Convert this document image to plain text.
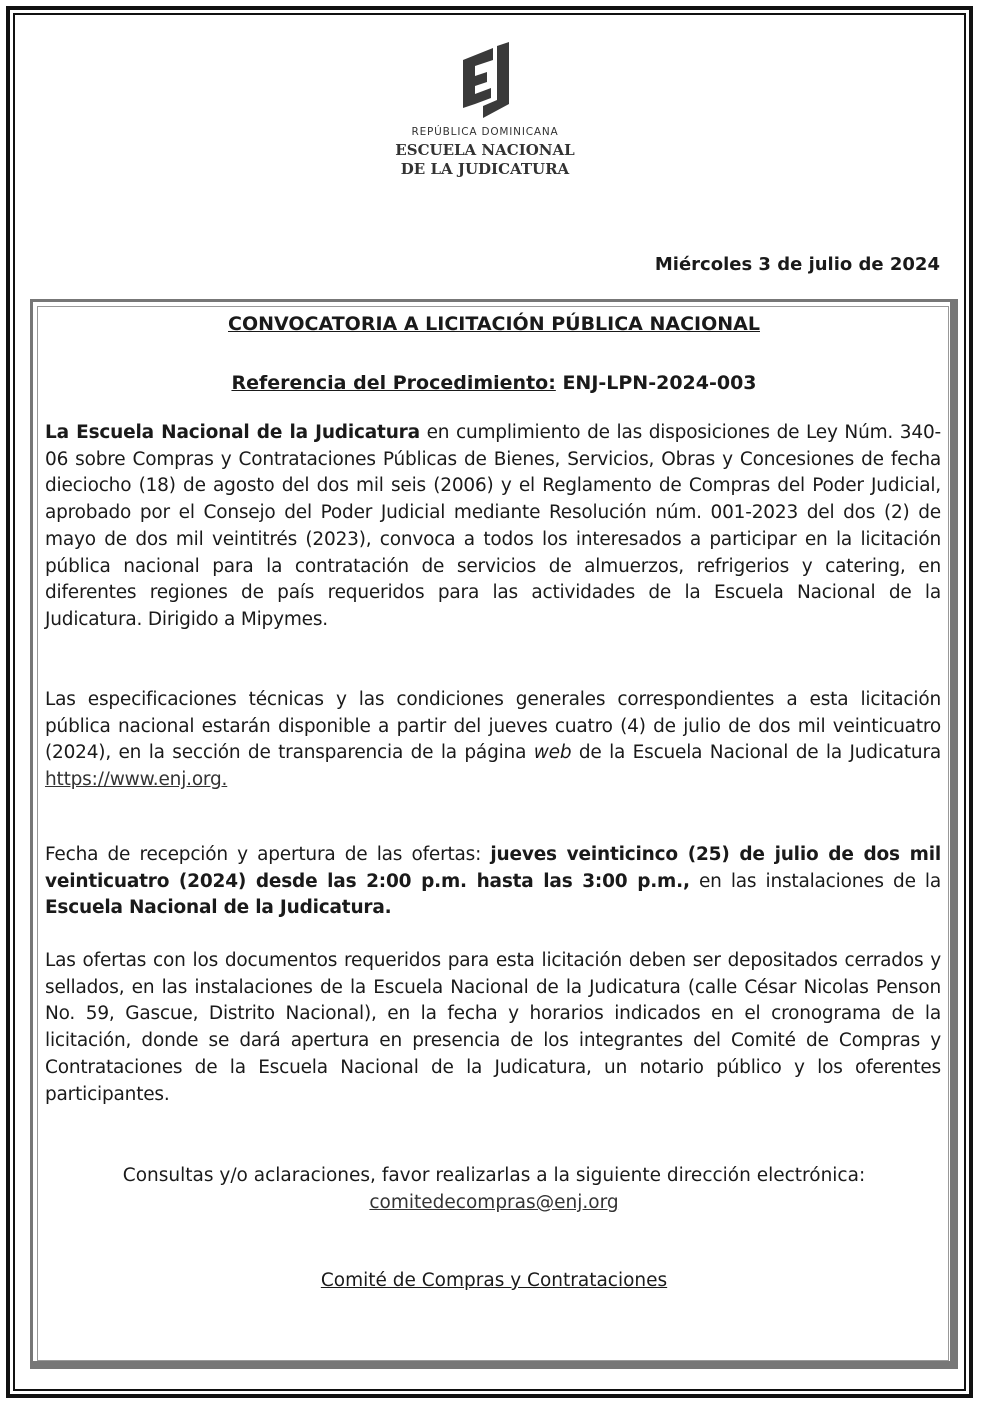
REPÚBLICA DOMINICANA
ESCUELA NACIONAL
DE LA JUDICATURA
Miércoles 3 de julio de 2024
CONVOCATORIA A LICITACIÓN PÚBLICA NACIONAL
Referencia del Procedimiento: ENJ-LPN-2024-003
La Escuela Nacional de la Judicatura en cumplimiento de las disposiciones de Ley Núm. 340-06 sobre Compras y Contrataciones Públicas de Bienes, Servicios, Obras y Concesiones de fecha dieciocho (18) de agosto del dos mil seis (2006) y el Reglamento de Compras del Poder Judicial, aprobado por el Consejo del Poder Judicial mediante Resolución núm. 001-2023 del dos (2) de mayo de dos mil veintitrés (2023), convoca a todos los interesados a participar en la licitación pública nacional para la contratación de servicios de almuerzos, refrigerios y catering, en diferentes regiones de país requeridos para las actividades de la Escuela Nacional de la Judicatura. Dirigido a Mipymes.
Las especificaciones técnicas y las condiciones generales correspondientes a esta licitación pública nacional estarán disponible a partir del jueves cuatro (4) de julio de dos mil veinticuatro (2024), en la sección de transparencia de la página web de la Escuela Nacional de la Judicatura https://www.enj.org.
Fecha de recepción y apertura de las ofertas: jueves veinticinco (25) de julio de dos mil veinticuatro (2024) desde las 2:00 p.m. hasta las 3:00 p.m., en las instalaciones de la Escuela Nacional de la Judicatura.
Las ofertas con los documentos requeridos para esta licitación deben ser depositados cerrados y sellados, en las instalaciones de la Escuela Nacional de la Judicatura (calle César Nicolas Penson No. 59, Gascue, Distrito Nacional), en la fecha y horarios indicados en el cronograma de la licitación, donde se dará apertura en presencia de los integrantes del Comité de Compras y Contrataciones de la Escuela Nacional de la Judicatura, un notario público y los oferentes participantes.
Consultas y/o aclaraciones, favor realizarlas a la siguiente dirección electrónica:
comitedecompras@enj.org
Comité de Compras y Contrataciones
